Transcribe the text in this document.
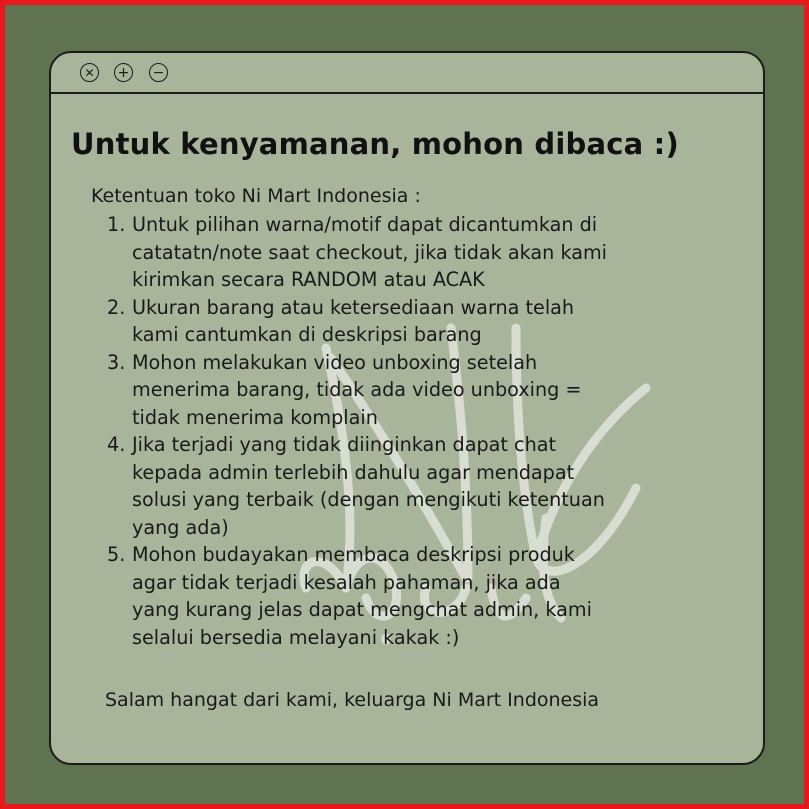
✕	+ −
Untuk kenyamanan, mohon dibaca :)
Ketentuan toko Ni Mart Indonesia :
1. Untuk pilihan warna/motif dapat dicantumkan di
catatatn/note saat checkout, jika tidak akan kami
kirimkan secara RANDOM atau ACAK
2. Ukuran barang atau ketersediaan warna telah
kami cantumkan di deskripsi barang
3. Mohon melakukan video unboxing setelah
menerima barang, tidak ada video unboxing =
tidak menerima komplain
4. Jika terjadi yang tidak diinginkan dapat chat
kepada admin terlebih dahulu agar mendapat
solusi yang terbaik (dengan mengikuti ketentuan
yang ada)
5. Mohon budayakan membaca deskripsi produk
agar tidak terjadi kesalah pahaman, jika ada
yang kurang jelas dapat mengchat admin, kami
selalui bersedia melayani kakak :)
Salam hangat dari kami, keluarga Ni Mart Indonesia
